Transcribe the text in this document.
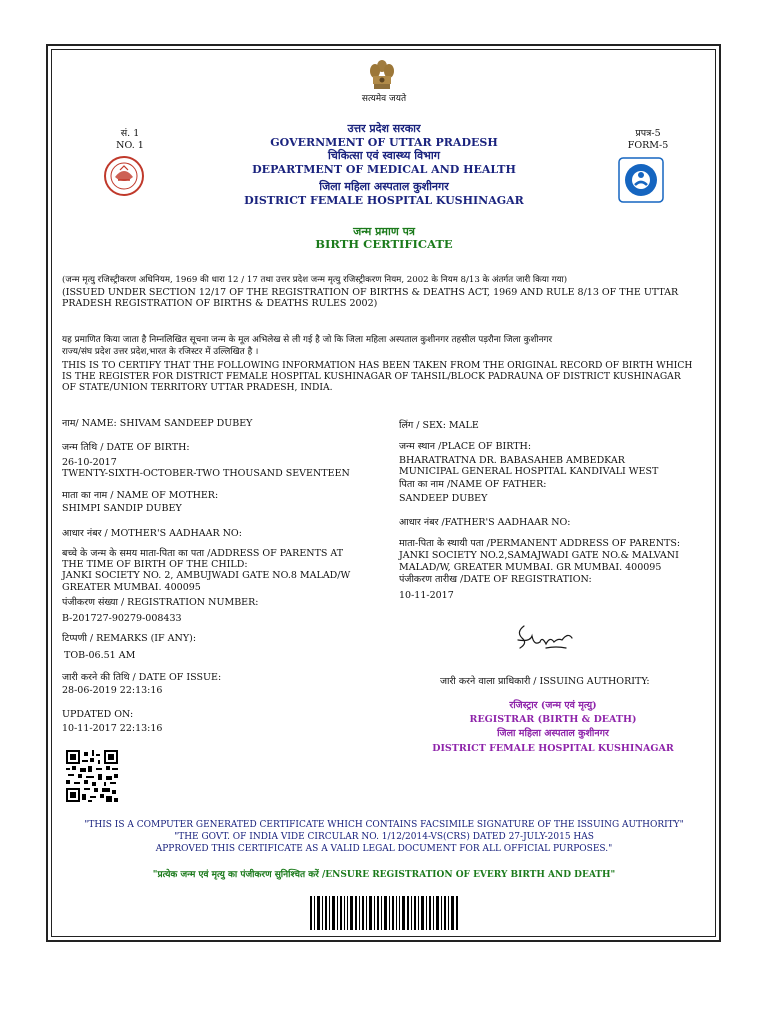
सत्यमेव जयते
सं. 1
NO. 1
प्रपत्र-5
FORM-5
उत्तर प्रदेश सरकार
GOVERNMENT OF UTTAR PRADESH
चिकित्सा एवं स्वास्थ्य विभाग
DEPARTMENT OF MEDICAL AND HEALTH
जिला महिला अस्पताल कुशीनगर
DISTRICT FEMALE HOSPITAL KUSHINAGAR
जन्म प्रमाण पत्र
BIRTH CERTIFICATE
(जन्म मृत्यु रजिस्ट्रीकरण अधिनियम, 1969 की धारा 12 / 17 तथा उत्तर प्रदेश जन्म मृत्यु रजिस्ट्रीकरण नियम, 2002 के नियम 8/13 के अंतर्गत जारी किया गया)
(ISSUED UNDER SECTION 12/17 OF THE REGISTRATION OF BIRTHS & DEATHS ACT, 1969 AND RULE 8/13 OF THE UTTAR
PRADESH REGISTRATION OF BIRTHS & DEATHS RULES 2002)
यह प्रमाणित किया जाता है निम्नलिखित सूचना जन्म के मूल अभिलेख से ली गई है जो कि जिला महिला अस्पताल कुशीनगर तहसील पड़रौना जिला कुशीनगर
राज्य/संघ प्रदेश उत्तर प्रदेश,भारत के रजिस्टर में उल्लिखित है ।
THIS IS TO CERTIFY THAT THE FOLLOWING INFORMATION HAS BEEN TAKEN FROM THE ORIGINAL RECORD OF BIRTH WHICH
IS THE REGISTER FOR DISTRICT FEMALE HOSPITAL KUSHINAGAR OF TAHSIL/BLOCK PADRAUNA OF DISTRICT KUSHINAGAR
OF STATE/UNION TERRITORY UTTAR PRADESH, INDIA.
नाम/ NAME: SHIVAM SANDEEP DUBEY
जन्म तिथि / DATE OF BIRTH:
26-10-2017
TWENTY-SIXTH-OCTOBER-TWO THOUSAND SEVENTEEN
माता का नाम / NAME OF MOTHER:
SHIMPI SANDIP DUBEY
आधार नंबर / MOTHER'S AADHAAR NO:
बच्चे के जन्म के समय माता-पिता का पता /ADDRESS OF PARENTS AT
THE TIME OF BIRTH OF THE CHILD:
JANKI SOCIETY NO. 2, AMBUJWADI GATE NO.8 MALAD/W
GREATER MUMBAI. 400095
पंजीकरण संख्या / REGISTRATION NUMBER:
B-201727-90279-008433
टिप्पणी / REMARKS (IF ANY):
TOB-06.51 AM
जारी करने की तिथि / DATE OF ISSUE:
28-06-2019 22:13:16
UPDATED ON:
10-11-2017 22:13:16
लिंग / SEX: MALE
जन्म स्थान /PLACE OF BIRTH:
BHARATRATNA DR. BABASAHEB AMBEDKAR
MUNICIPAL GENERAL HOSPITAL KANDIVALI WEST
पिता का नाम /NAME OF FATHER:
SANDEEP DUBEY
आधार नंबर /FATHER'S AADHAAR NO:
माता-पिता के स्थायी पता /PERMANENT ADDRESS OF PARENTS:
JANKI SOCIETY NO.2,SAMAJWADI GATE NO.& MALVANI
MALAD/W, GREATER MUMBAI. GR MUMBAI. 400095
पंजीकरण तारीख /DATE OF REGISTRATION:
10-11-2017
जारी करने वाला प्राधिकारी / ISSUING AUTHORITY:
रजिस्ट्रार (जन्म एवं मृत्यु)
REGISTRAR (BIRTH & DEATH)
जिला महिला अस्पताल कुशीनगर
DISTRICT FEMALE HOSPITAL KUSHINAGAR
"THIS IS A COMPUTER GENERATED CERTIFICATE WHICH CONTAINS FACSIMILE SIGNATURE OF THE ISSUING AUTHORITY"
"THE GOVT. OF INDIA VIDE CIRCULAR NO. 1/12/2014-VS(CRS) DATED 27-JULY-2015 HAS
APPROVED THIS CERTIFICATE AS A VALID LEGAL DOCUMENT FOR ALL OFFICIAL PURPOSES."
"प्रत्येक जन्म एवं मृत्यु का पंजीकरण सुनिश्चित करें /ENSURE REGISTRATION OF EVERY BIRTH AND DEATH"
